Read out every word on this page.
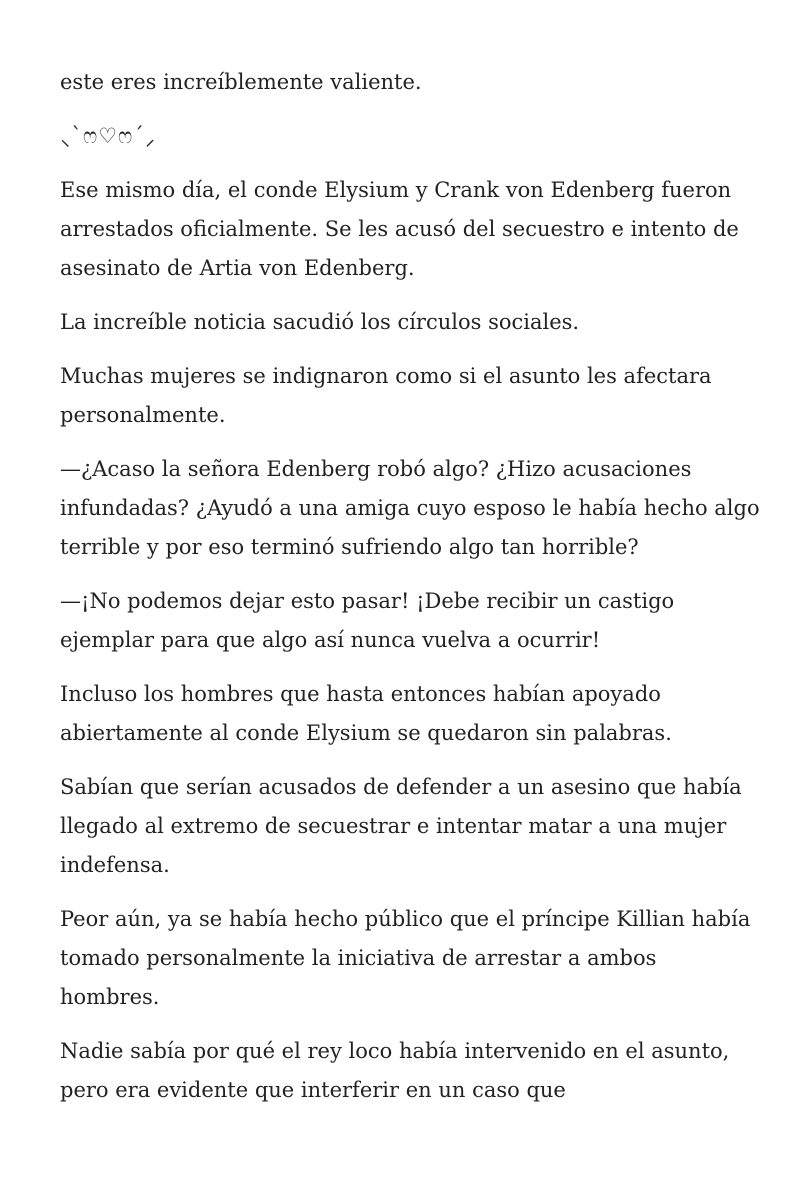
este eres increíblemente valiente.

⸜`ෆ♡ෆ´⸝

Ese mismo día, el conde Elysium y Crank von Edenberg fueron arrestados oficialmente. Se les acusó del secuestro e intento de asesinato de Artia von Edenberg.

La increíble noticia sacudió los círculos sociales.

Muchas mujeres se indignaron como si el asunto les afectara personalmente.

—¿Acaso la señora Edenberg robó algo? ¿Hizo acusaciones infundadas? ¿Ayudó a una amiga cuyo esposo le había hecho algo terrible y por eso terminó sufriendo algo tan horrible?

—¡No podemos dejar esto pasar! ¡Debe recibir un castigo ejemplar para que algo así nunca vuelva a ocurrir!

Incluso los hombres que hasta entonces habían apoyado abiertamente al conde Elysium se quedaron sin palabras.

Sabían que serían acusados de defender a un asesino que había llegado al extremo de secuestrar e intentar matar a una mujer indefensa.

Peor aún, ya se había hecho público que el príncipe Killian había tomado personalmente la iniciativa de arrestar a ambos hombres.

Nadie sabía por qué el rey loco había intervenido en el asunto, pero era evidente que interferir en un caso que
